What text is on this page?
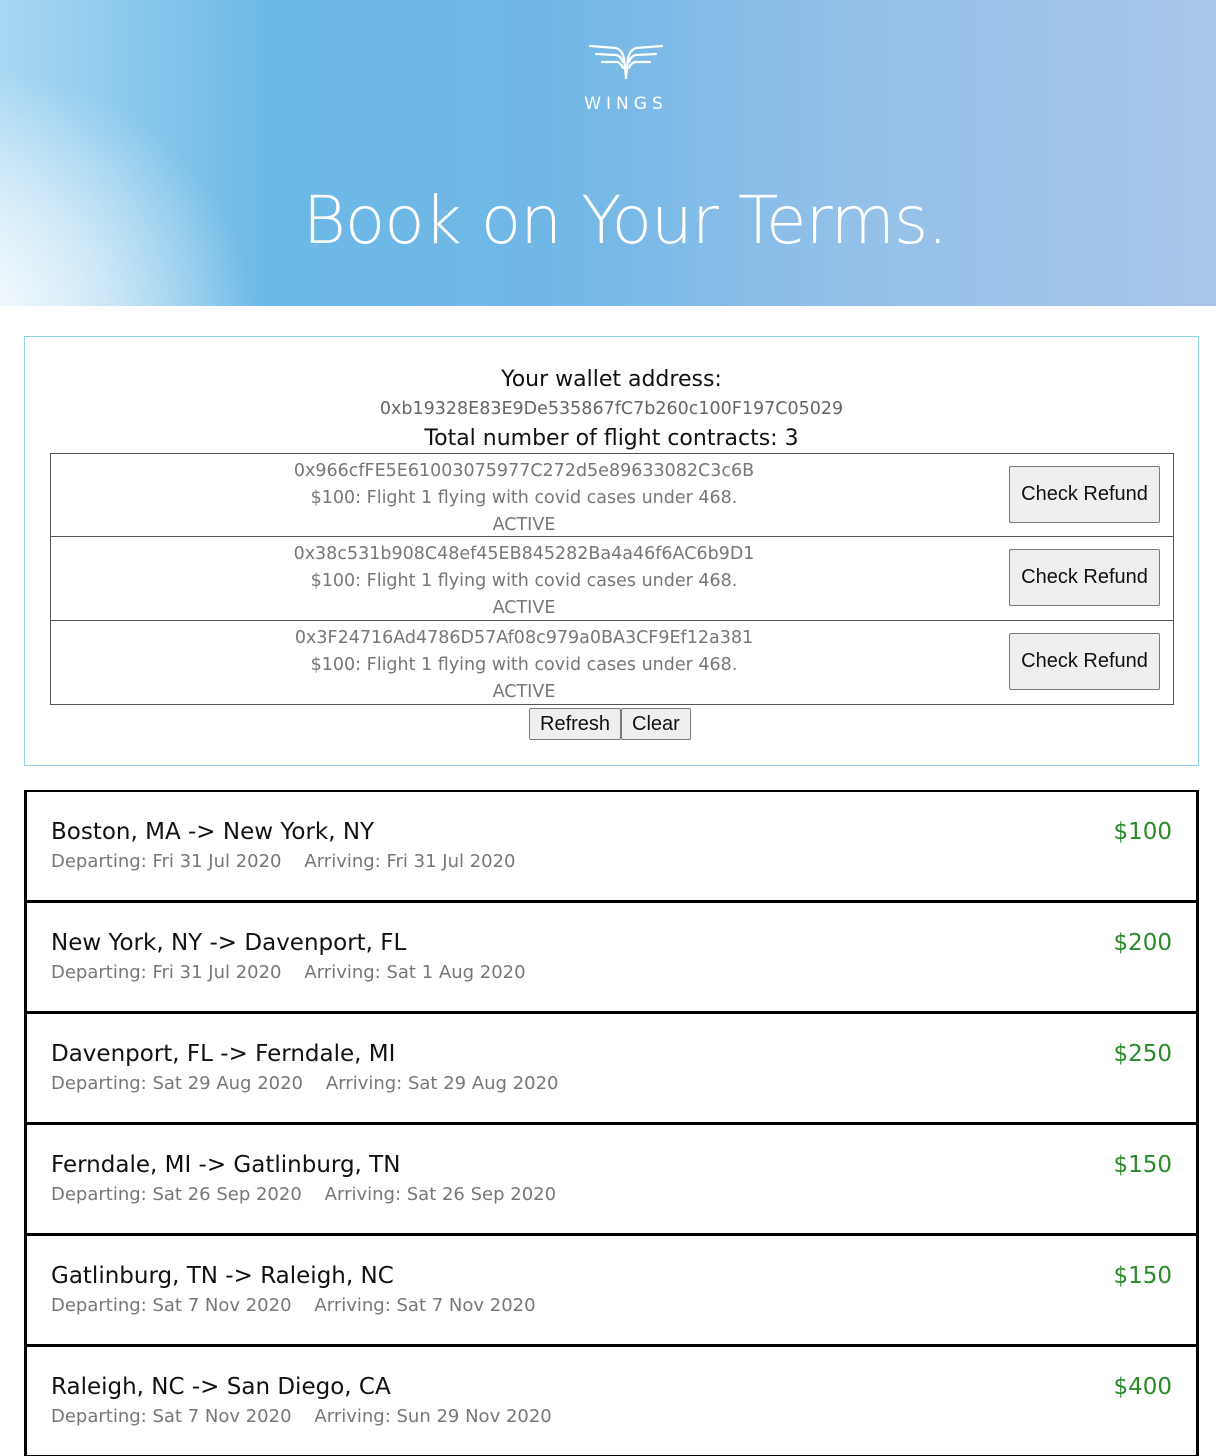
WINGS
Book on Your Terms.
Your wallet address:
0xb19328E83E9De535867fC7b260c100F197C05029
Total number of flight contracts: 3
0x966cfFE5E61003075977C272d5e89633082C3c6B
$100: Flight 1 flying with covid cases under 468.
ACTIVE
Check Refund
0x38c531b908C48ef45EB845282Ba4a46f6AC6b9D1
$100: Flight 1 flying with covid cases under 468.
ACTIVE
Check Refund
0x3F24716Ad4786D57Af08c979a0BA3CF9Ef12a381
$100: Flight 1 flying with covid cases under 468.
ACTIVE
Check Refund
Refresh	Clear
Boston, MA -> New York, NY
Departing: Fri 31 Jul 2020    Arriving: Fri 31 Jul 2020
$100
New York, NY -> Davenport, FL
Departing: Fri 31 Jul 2020    Arriving: Sat 1 Aug 2020
$200
Davenport, FL -> Ferndale, MI
Departing: Sat 29 Aug 2020    Arriving: Sat 29 Aug 2020
$250
Ferndale, MI -> Gatlinburg, TN
Departing: Sat 26 Sep 2020    Arriving: Sat 26 Sep 2020
$150
Gatlinburg, TN -> Raleigh, NC
Departing: Sat 7 Nov 2020    Arriving: Sat 7 Nov 2020
$150
Raleigh, NC -> San Diego, CA
Departing: Sat 7 Nov 2020    Arriving: Sun 29 Nov 2020
$400
